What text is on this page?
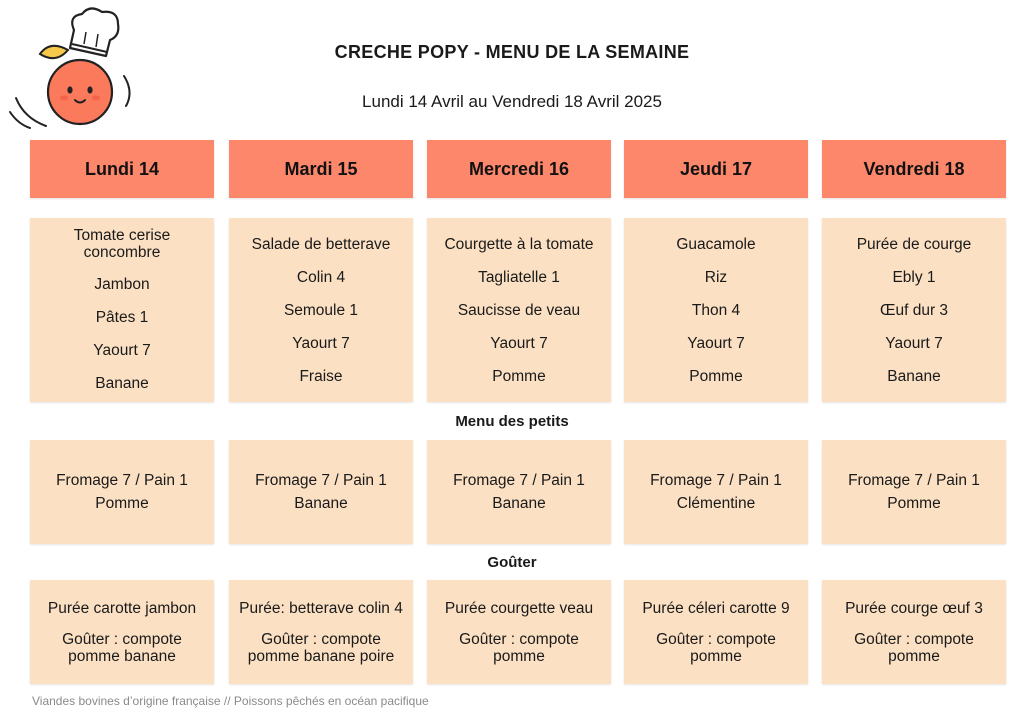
CRECHE POPY - MENU DE LA SEMAINE
Lundi 14 Avril au Vendredi 18 Avril 2025
Lundi 14
Tomate cerise
concombre
Jambon
Pâtes 1
Yaourt 7
Banane
Fromage 7 / Pain 1
Pomme
Purée carotte jambon
Goûter : compote
pomme banane
Mardi 15
Salade de betterave
Colin 4
Semoule 1
Yaourt 7
Fraise
Fromage 7 / Pain 1
Banane
Purée: betterave colin 4
Goûter : compote
pomme banane poire
Mercredi 16
Courgette à la tomate
Tagliatelle 1
Saucisse de veau
Yaourt 7
Pomme
Fromage 7 / Pain 1
Banane
Purée courgette veau
Goûter : compote
pomme
Jeudi 17
Guacamole
Riz
Thon 4
Yaourt 7
Pomme
Fromage 7 / Pain 1
Clémentine
Purée céleri carotte 9
Goûter : compote
pomme
Vendredi 18
Purée de courge
Ebly 1
Œuf dur 3
Yaourt 7
Banane
Fromage 7 / Pain 1
Pomme
Purée courge œuf 3
Goûter : compote
pomme
Menu des petits
Goûter
Viandes bovines d’origine française // Poissons pêchés en océan pacifique
